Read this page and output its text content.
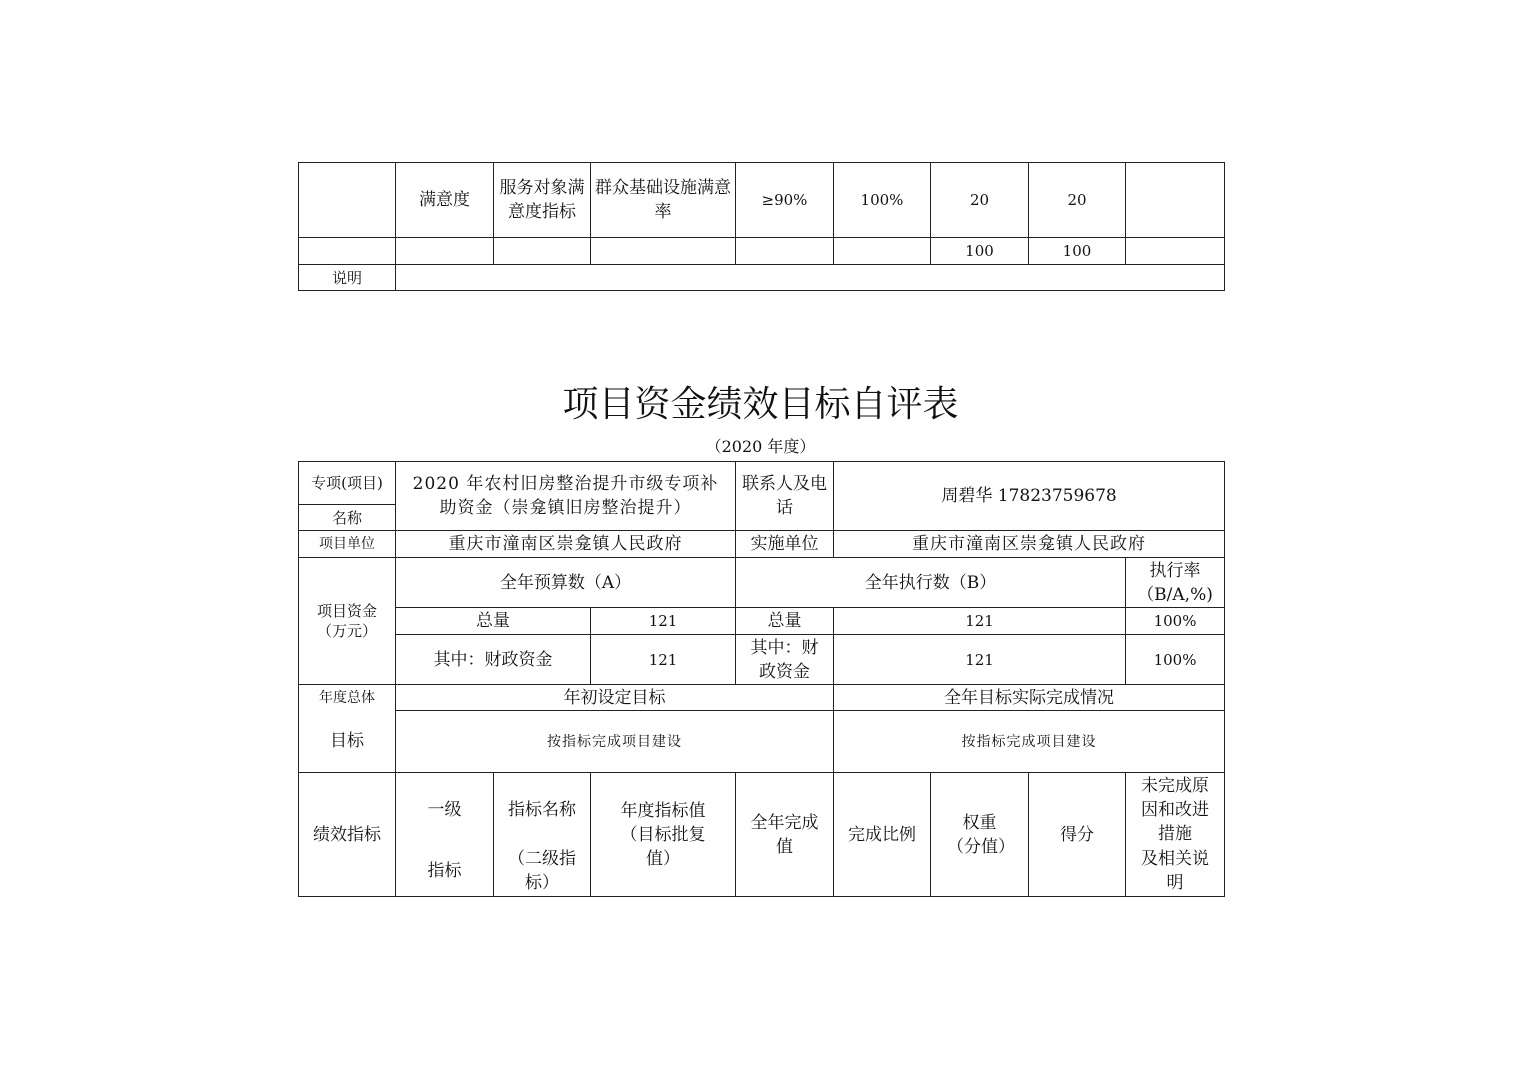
	满意度	服务对象满意度指标	群众基础设施满意率	≥90%	100%	20	20	
						100	100	
说明								
项目资金绩效目标自评表
（2020 年度）
专项(项目)	2020 年农村旧房整治提升市级专项补助资金（崇龛镇旧房整治提升）			联系人及电话	周碧华 17823759678			
名称								
项目单位	重庆市潼南区崇龛镇人民政府			实施单位	重庆市潼南区崇龛镇人民政府			
项目资金（万元）	全年预算数（A）			全年执行数（B）				执行率（B/A,%)
	总量		121	总量	121			100%
	其中：财政资金		121	其中：财政资金	121			100%
年度总体	年初设定目标				全年目标实际完成情况			
目标	按指标完成项目建设				按指标完成项目建设			
绩效指标	一级	指标名称	年度指标值（目标批复值）	全年完成值	完成比例	权重（分值）	得分	未完成原因和改进措施
	指标	（二级指标）						及相关说明
